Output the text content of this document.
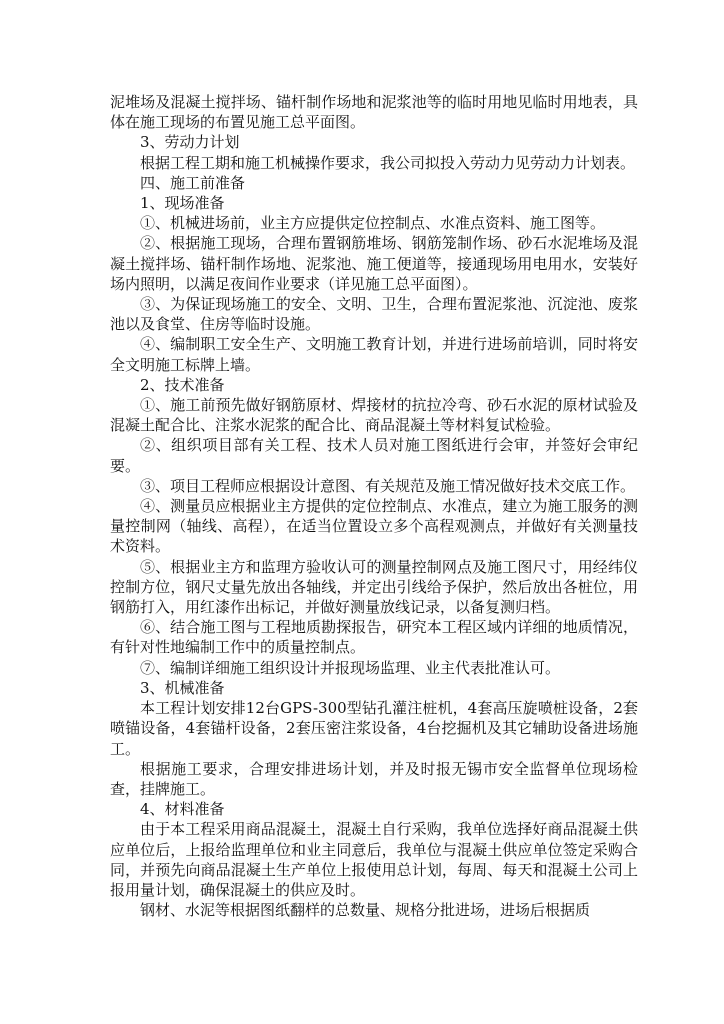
泥堆场及混凝土搅拌场、锚杆制作场地和泥浆池等的临时用地见临时用地表，具体在施工现场的布置见施工总平面图。

3、劳动力计划

根据工程工期和施工机械操作要求，我公司拟投入劳动力见劳动力计划表。

四、施工前准备

1、现场准备

①、机械进场前，业主方应提供定位控制点、水准点资料、施工图等。

②、根据施工现场，合理布置钢筋堆场、钢筋笼制作场、砂石水泥堆场及混凝土搅拌场、锚杆制作场地、泥浆池、施工便道等，接通现场用电用水，安装好场内照明，以满足夜间作业要求（详见施工总平面图）。

③、为保证现场施工的安全、文明、卫生，合理布置泥浆池、沉淀池、废浆池以及食堂、住房等临时设施。

④、编制职工安全生产、文明施工教育计划，并进行进场前培训，同时将安全文明施工标牌上墙。

2、技术准备

①、施工前预先做好钢筋原材、焊接材的抗拉冷弯、砂石水泥的原材试验及混凝土配合比、注浆水泥浆的配合比、商品混凝土等材料复试检验。

②、组织项目部有关工程、技术人员对施工图纸进行会审，并签好会审纪要。

③、项目工程师应根据设计意图、有关规范及施工情况做好技术交底工作。

④、测量员应根据业主方提供的定位控制点、水准点，建立为施工服务的测量控制网（轴线、高程），在适当位置设立多个高程观测点，并做好有关测量技术资料。

⑤、根据业主方和监理方验收认可的测量控制网点及施工图尺寸，用经纬仪控制方位，钢尺丈量先放出各轴线，并定出引线给予保护，然后放出各桩位，用钢筋打入，用红漆作出标记，并做好测量放线记录，以备复测归档。

⑥、结合施工图与工程地质勘探报告，研究本工程区域内详细的地质情况，有针对性地编制工作中的质量控制点。

⑦、编制详细施工组织设计并报现场监理、业主代表批准认可。

3、机械准备

本工程计划安排12台GPS-300型钻孔灌注桩机，4套高压旋喷桩设备，2套喷锚设备，4套锚杆设备，2套压密注浆设备，4台挖掘机及其它辅助设备进场施工。

根据施工要求，合理安排进场计划，并及时报无锡市安全监督单位现场检查，挂牌施工。

4、材料准备

由于本工程采用商品混凝土，混凝土自行采购，我单位选择好商品混凝土供应单位后，上报给监理单位和业主同意后，我单位与混凝土供应单位签定采购合同，并预先向商品混凝土生产单位上报使用总计划，每周、每天和混凝土公司上报用量计划，确保混凝土的供应及时。

钢材、水泥等根据图纸翻样的总数量、规格分批进场，进场后根据质
